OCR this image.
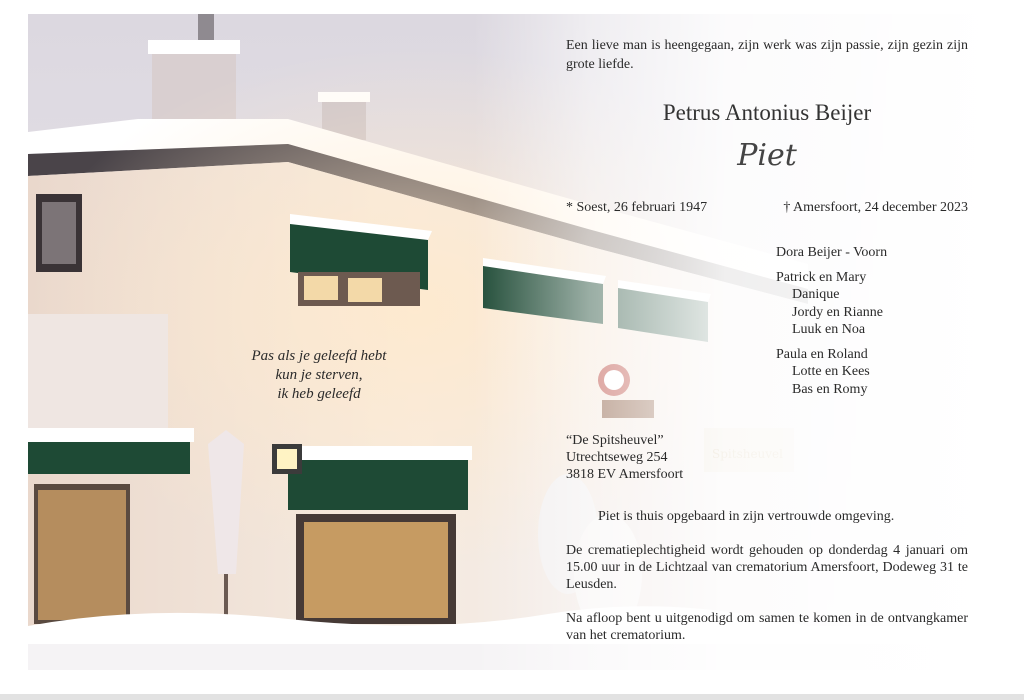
Een lieve man is heengegaan, zijn werk was zijn passie, zijn gezin zijn grote liefde.

Petrus Antonius Beijer
Piet
* Soest, 26 februari 1947	† Amersfoort, 24 december 2023
Dora Beijer - Voorn
Patrick en Mary
Danique
Jordy en Rianne
Luuk en Noa
Paula en Roland
Lotte en Kees
Bas en Romy
Pas als je geleefd hebt
kun je sterven,
ik heb geleefd
“De Spitsheuvel”
Utrechtseweg 254
3818 EV Amersfoort

Piet is thuis opgebaard in zijn vertrouwde omgeving.

De crematieplechtigheid wordt gehouden op donderdag 4 januari om 15.00 uur in de Lichtzaal van crematorium Amersfoort, Dodeweg 31 te Leusden.

Na afloop bent u uitgenodigd om samen te komen in de ontvangkamer van het crematorium.
